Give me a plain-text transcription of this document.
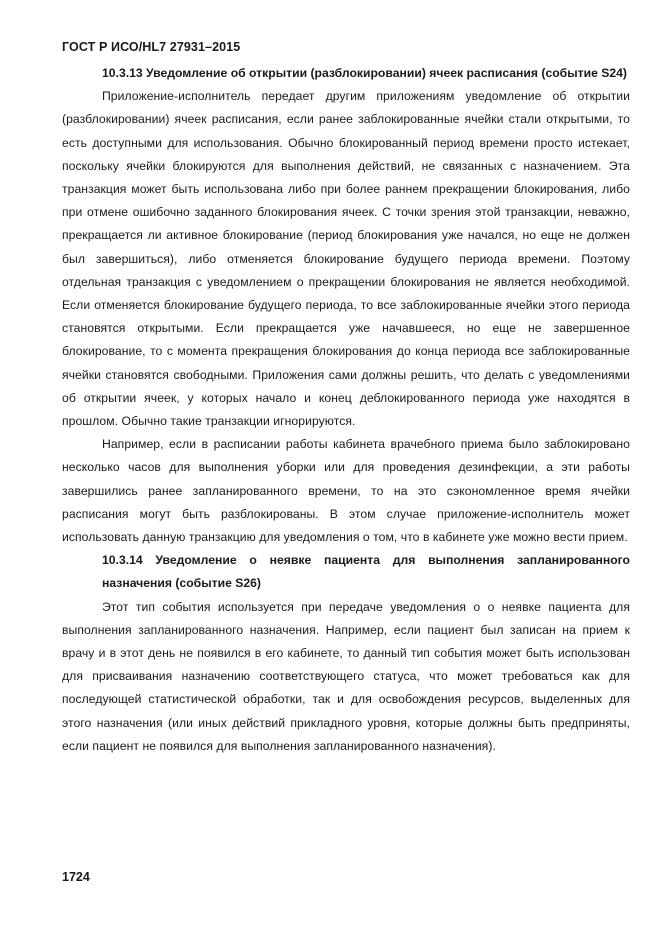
ГОСТ Р ИСО/HL7 27931–2015

10.3.13 Уведомление об открытии (разблокировании) ячеек расписания (событие S24)

Приложение-исполнитель передает другим приложениям уведомление об открытии (разблокировании) ячеек расписания, если ранее заблокированные ячейки стали открытыми, то есть доступными для использования. Обычно блокированный период времени просто истекает, поскольку ячейки блокируются для выполнения действий, не связанных с назначением. Эта транзакция может быть использована либо при более раннем прекращении блокирования, либо при отмене ошибочно заданного блокирования ячеек. С точки зрения этой транзакции, неважно, прекращается ли активное блокирование (период блокирования уже начался, но еще не должен был завершиться), либо отменяется блокирование будущего периода времени. Поэтому отдельная транзакция с уведомлением о прекращении блокирования не является необходимой. Если отменяется блокирование будущего периода, то все заблокированные ячейки этого периода становятся открытыми. Если прекращается уже начавшееся, но еще не завершенное блокирование, то с момента прекращения блокирования до конца периода все заблокированные ячейки становятся свободными. Приложения сами должны решить, что делать с уведомлениями об открытии ячеек, у которых начало и конец деблокированного периода уже находятся в прошлом. Обычно такие транзакции игнорируются.

Например, если в расписании работы кабинета врачебного приема было заблокировано несколько часов для выполнения уборки или для проведения дезинфекции, а эти работы завершились ранее запланированного времени, то на это сэкономленное время ячейки расписания могут быть разблокированы. В этом случае приложение-исполнитель может использовать данную транзакцию для уведомления о том, что в кабинете уже можно вести прием.

10.3.14 Уведомление о неявке пациента для выполнения запланированного назначения (событие S26)

Этот тип события используется при передаче уведомления о о неявке пациента для выполнения запланированного назначения. Например, если пациент был записан на прием к врачу и в этот день не появился в его кабинете, то данный тип события может быть использован для присваивания назначению соответствующего статуса, что может требоваться как для последующей статистической обработки, так и для освобождения ресурсов, выделенных для этого назначения (или иных действий прикладного уровня, которые должны быть предприняты, если пациент не появился для выполнения запланированного назначения).

1724
